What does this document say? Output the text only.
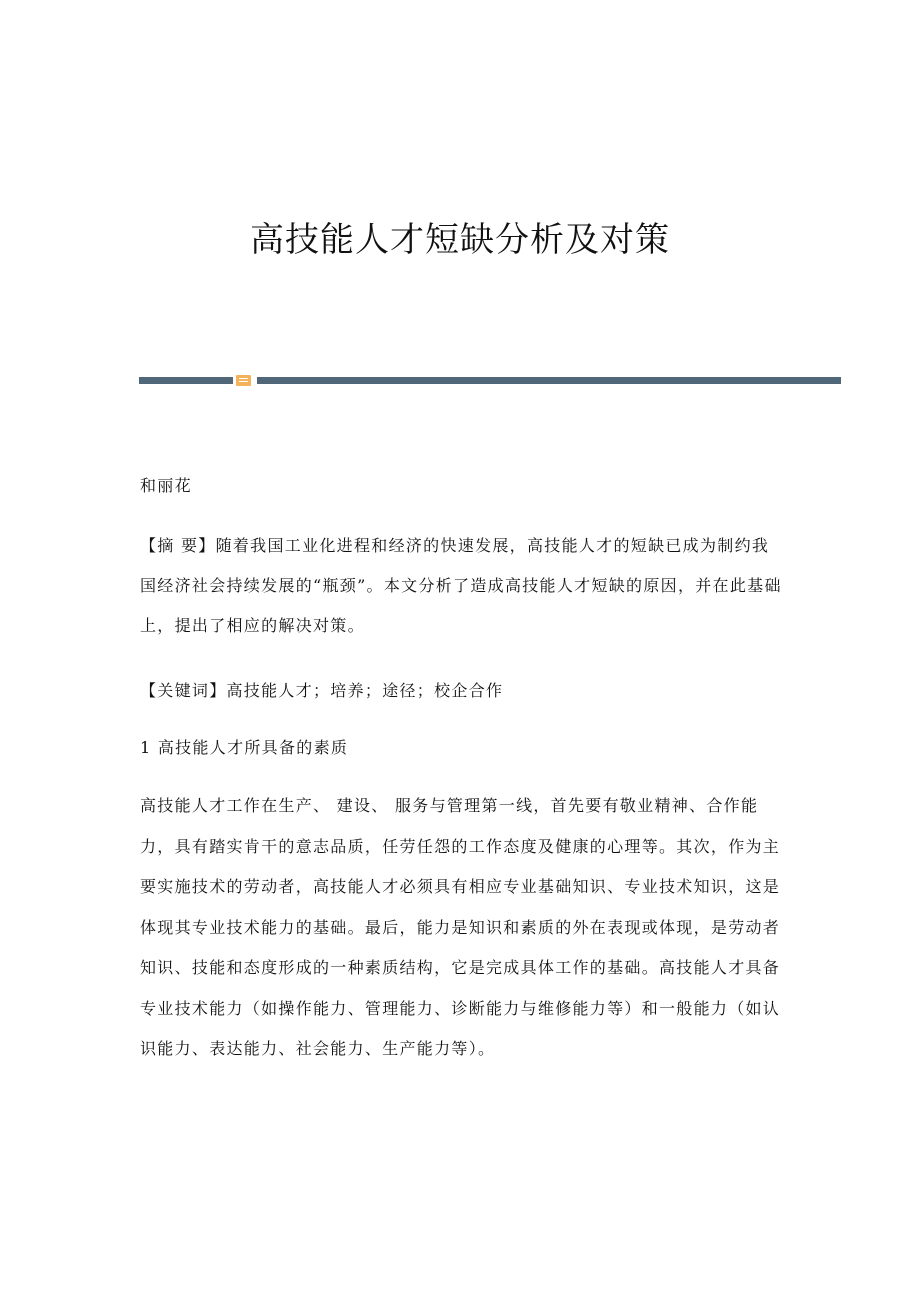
高技能人才短缺分析及对策
和丽花
【摘 要】随着我国工业化进程和经济的快速发展，高技能人才的短缺已成为制约我国经济社会持续发展的“瓶颈”。本文分析了造成高技能人才短缺的原因，并在此基础上，提出了相应的解决对策。
【关键词】高技能人才；培养；途径；校企合作
1 高技能人才所具备的素质
高技能人才工作在生产、 建设、 服务与管理第一线，首先要有敬业精神、合作能力，具有踏实肯干的意志品质，任劳任怨的工作态度及健康的心理等。其次，作为主要实施技术的劳动者，高技能人才必须具有相应专业基础知识、专业技术知识，这是体现其专业技术能力的基础。最后，能力是知识和素质的外在表现或体现，是劳动者知识、技能和态度形成的一种素质结构，它是完成具体工作的基础。高技能人才具备专业技术能力（如操作能力、管理能力、诊断能力与维修能力等）和一般能力（如认识能力、表达能力、社会能力、生产能力等）。
